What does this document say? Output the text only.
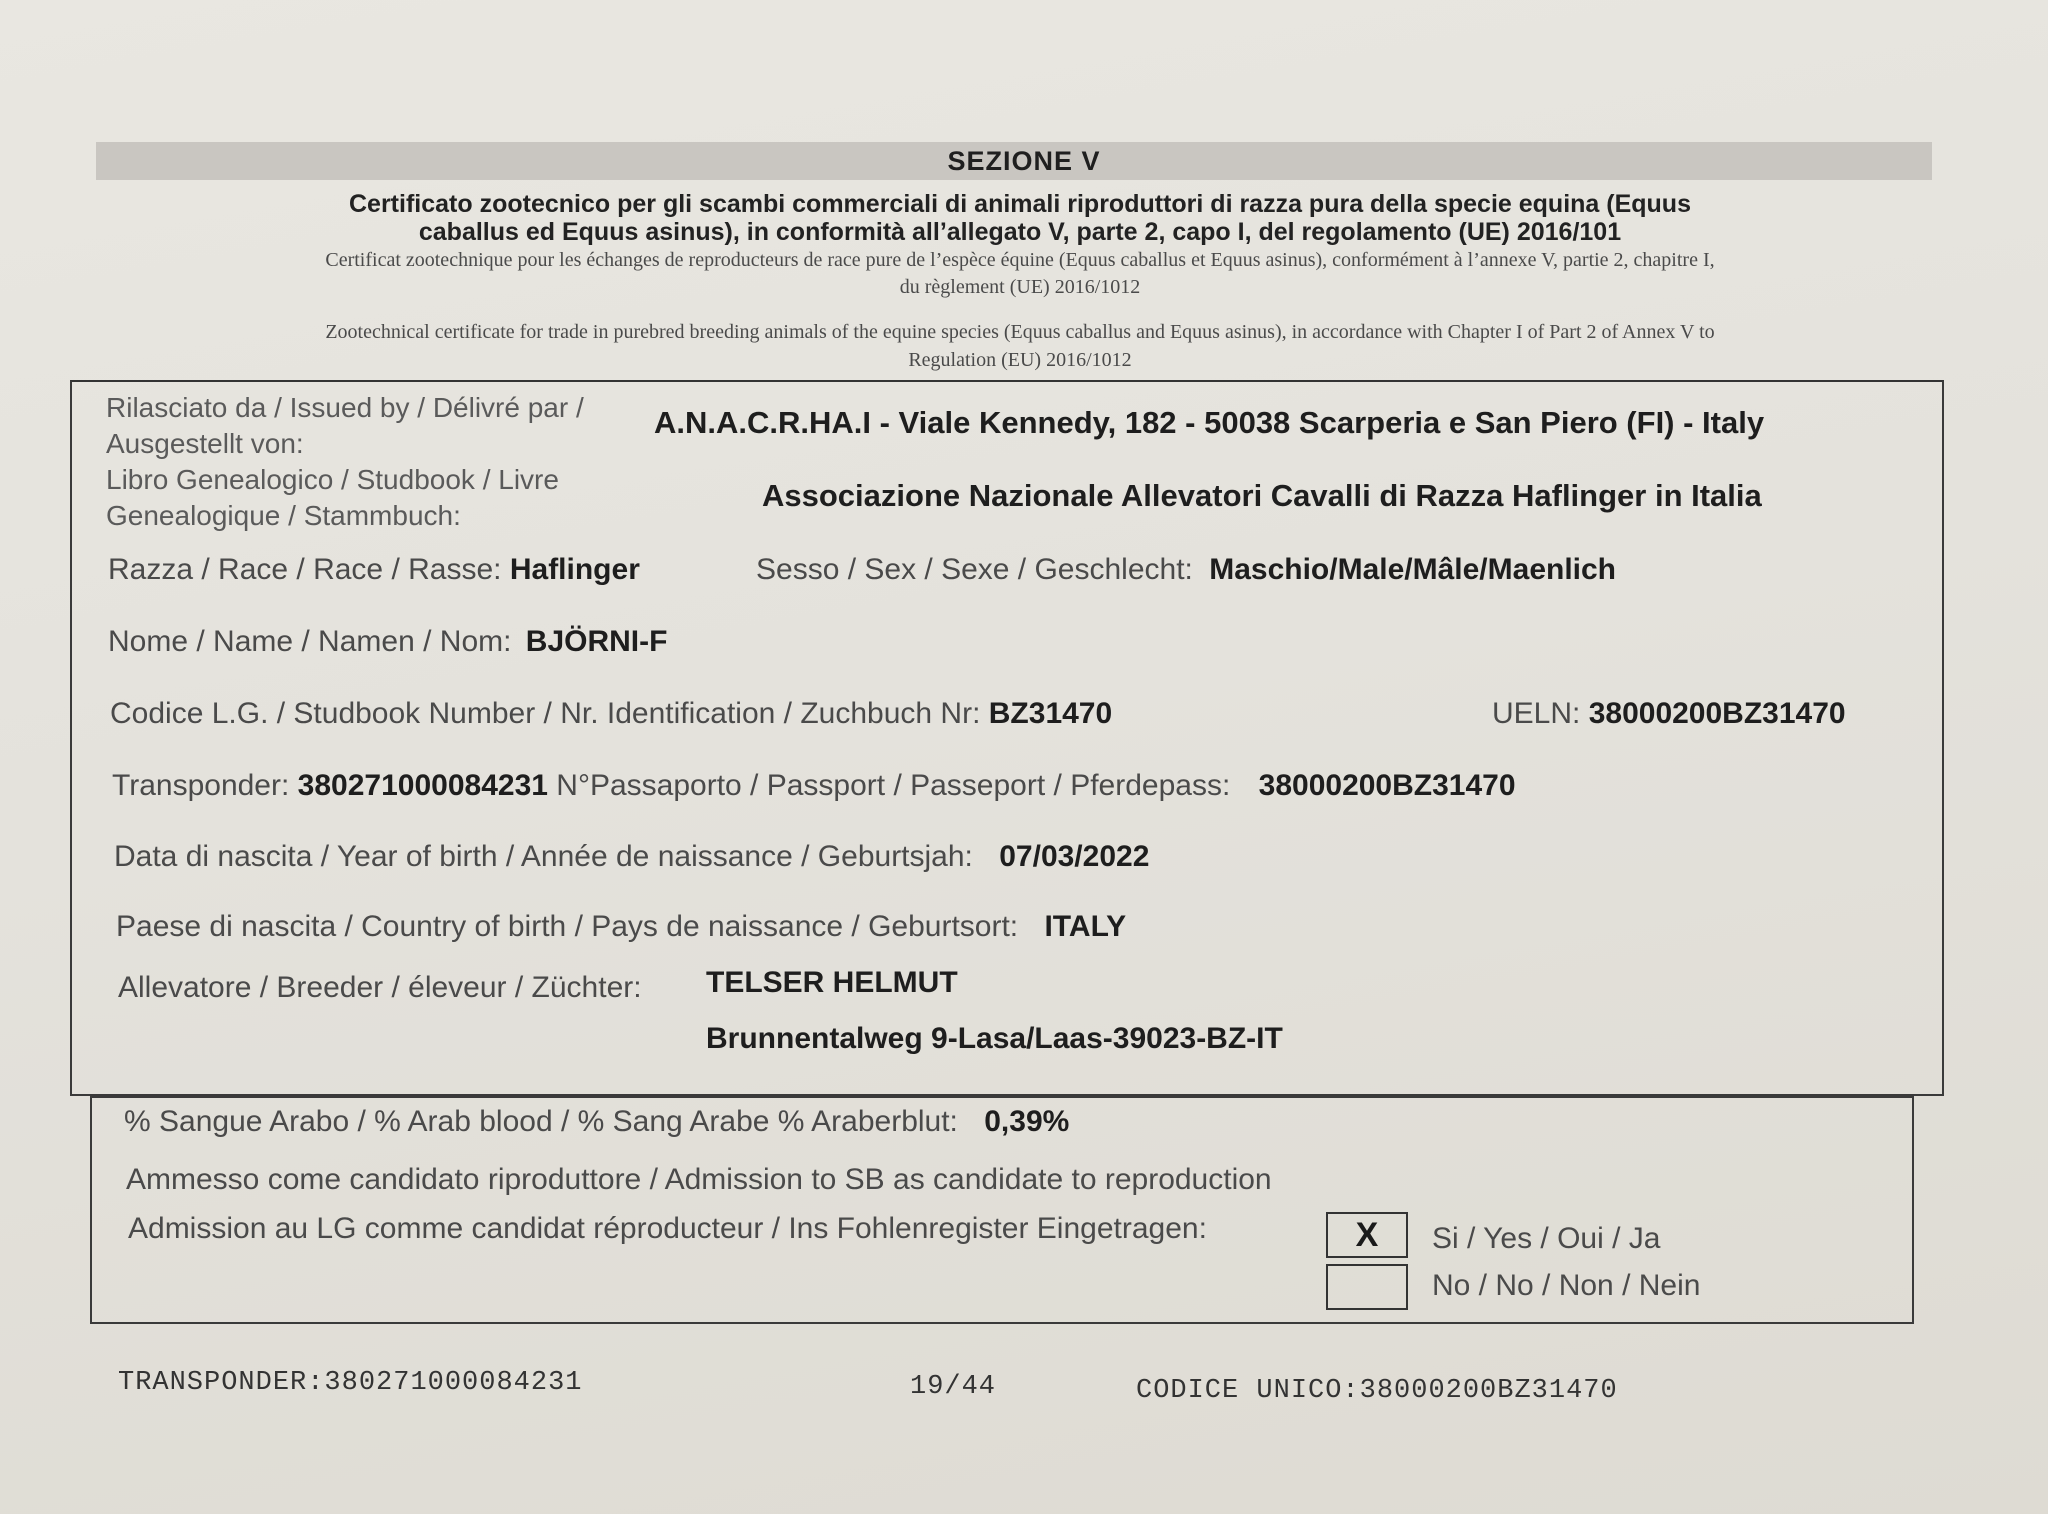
SEZIONE V
Certificato zootecnico per gli scambi commerciali di animali riproduttori di razza pura della specie equina (Equus
caballus ed Equus asinus), in conformità all’allegato V, parte 2, capo I, del regolamento (UE) 2016/101
Certificat zootechnique pour les échanges de reproducteurs de race pure de l’espèce équine (Equus caballus et Equus asinus), conformément à l’annexe V, partie 2, chapitre I,
du règlement (UE) 2016/1012
Zootechnical certificate for trade in purebred breeding animals of the equine species (Equus caballus and Equus asinus), in accordance with Chapter I of Part 2 of Annex V to
Regulation (EU) 2016/1012
Rilasciato da / Issued by / Délivré par / Ausgestellt von:
A.N.A.C.R.HA.I - Viale Kennedy, 182 - 50038 Scarperia e San Piero (FI) - Italy
Libro Genealogico / Studbook / Livre Genealogique / Stammbuch:
Associazione Nazionale Allevatori Cavalli di Razza Haflinger in Italia
Razza / Race / Race / Rasse: Haflinger	Sesso / Sex / Sexe / Geschlecht: Maschio/Male/Mâle/Maenlich
Nome / Name / Namen / Nom: BJÖRNI-F
Codice L.G. / Studbook Number / Nr. Identification / Zuchbuch Nr: BZ31470	UELN: 38000200BZ31470
Transponder: 380271000084231 N°Passaporto / Passport / Passeport / Pferdepass: 38000200BZ31470
Data di nascita / Year of birth / Année de naissance / Geburtsjah: 07/03/2022
Paese di nascita / Country of birth / Pays de naissance / Geburtsort: ITALY
Allevatore / Breeder / éleveur / Züchter: TELSER HELMUT
Brunnentalweg 9-Lasa/Laas-39023-BZ-IT
% Sangue Arabo / % Arab blood / % Sang Arabe % Araberblut: 0,39%
Ammesso come candidato riproduttore / Admission to SB as candidate to reproduction
Admission au LG comme candidat réproducteur / Ins Fohlenregister Eingetragen:	X	Si / Yes / Oui / Ja
No / No / Non / Nein
TRANSPONDER:380271000084231	19/44	CODICE UNICO:38000200BZ31470
